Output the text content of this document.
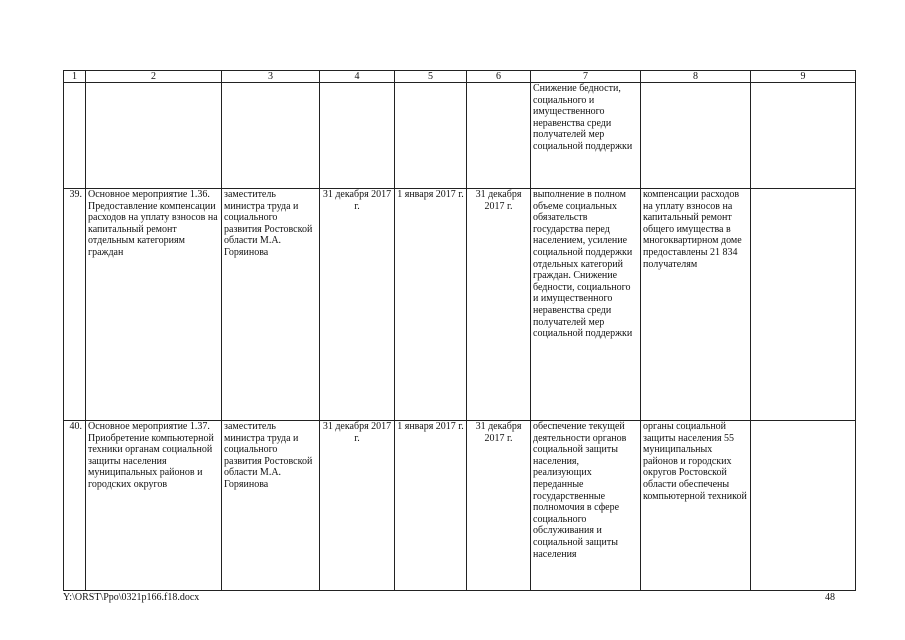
1	2	3	4	5	6	7	8	9
						Снижение бедности, социального и имущественного неравенства среди получателей мер социальной поддержки		
39.	Основное мероприятие 1.36. Предоставление компенсации расходов на уплату взносов на капитальный ремонт отдельным категориям граждан	заместитель министра труда и социального развития Ростовской области М.А. Горяинова	31 декабря 2017 г.	1 января 2017 г.	31 декабря 2017 г.	выполнение в полном объеме социальных обязательств государства перед населением, усиление социальной поддержки отдельных категорий граждан. Снижение бедности, социального и имущественного неравенства среди получателей мер социальной поддержки	компенсации расходов на уплату взносов на капитальный ремонт общего имущества в многоквартирном доме предоставлены 21 834 получателям	
40.	Основное мероприятие 1.37. Приобретение компьютерной техники органам социальной защиты населения муниципальных районов и городских округов	заместитель министра труда и социального развития Ростовской области М.А. Горяинова	31 декабря 2017 г.	1 января 2017 г.	31 декабря 2017 г.	обеспечение текущей деятельности органов социальной защиты населения, реализующих переданные государственные полномочия в сфере социального обслуживания и социальной защиты населения	органы социальной защиты населения 55 муниципальных районов и городских округов Ростовской области обеспечены компьютерной техникой	
Y:\ORST\Ppo\0321p166.f18.docx	48
